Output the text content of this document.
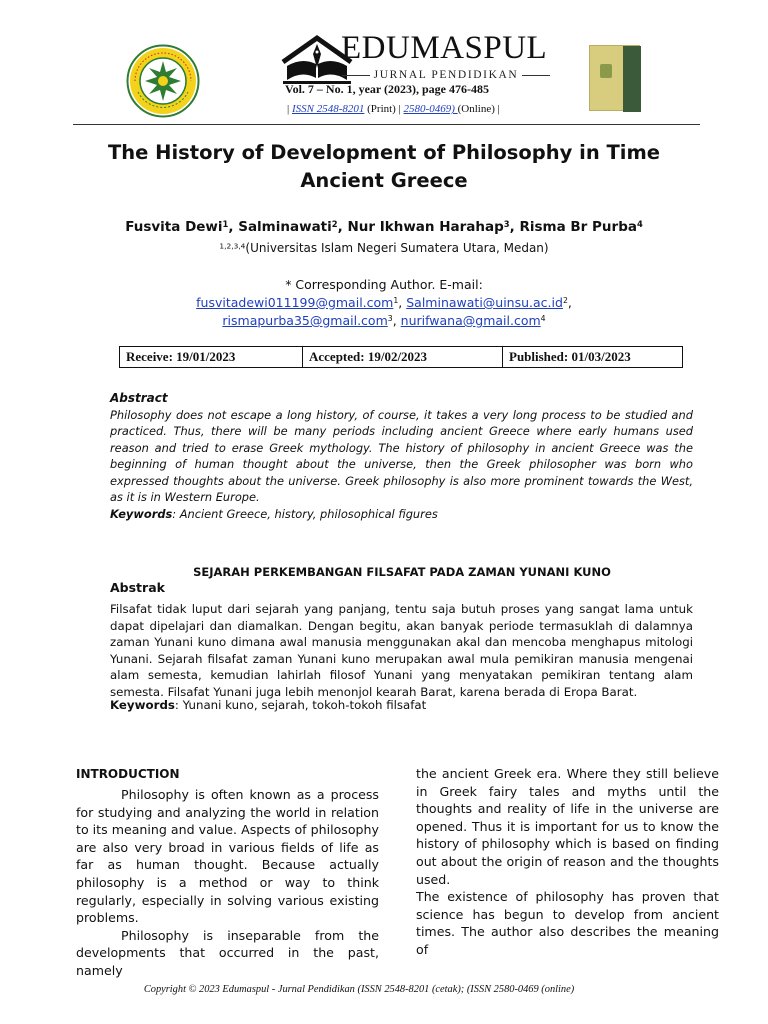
EDUMASPUL
JURNAL PENDIDIKAN
Vol. 7 – No. 1, year (2023), page 476-485
| ISSN 2548-8201 (Print) | 2580-0469) (Online) |
The History of Development of Philosophy in Time
Ancient Greece
Fusvita Dewi$^1$, Salminawati$^2$, Nur Ikhwan Harahap$^3$, Risma Br Purba$^4$
$^{1,2,3,4}$(Universitas Islam Negeri Sumatera Utara, Medan)
* Corresponding Author. E-mail:
fusvitadewi011199@gmail.com$^1$, $Salminawati@uinsu.ac.id^2$,
rismapurba35@gmail.com$^3$, nurifwana@gmail.com$^4$
Receive: 19/01/2023	Accepted: 19/02/2023	Published: 01/03/2023
Abstract
Philosophy does not escape a long history, of course, it takes a very long process to be studied and practiced. Thus, there will be many periods including ancient Greece where early humans used reason and tried to erase Greek mythology. The history of philosophy in ancient Greece was the beginning of human thought about the universe, then the Greek philosopher was born who expressed thoughts about the universe. Greek philosophy is also more prominent towards the West, as it is in Western Europe.
Keywords: Ancient Greece, history, philosophical figures
SEJARAH PERKEMBANGAN FILSAFAT PADA ZAMAN YUNANI KUNO
Abstrak
Filsafat tidak luput dari sejarah yang panjang, tentu saja butuh proses yang sangat lama untuk dapat dipelajari dan diamalkan. Dengan begitu, akan banyak periode termasuklah di dalamnya zaman Yunani kuno dimana awal manusia menggunakan akal dan mencoba menghapus mitologi Yunani. Sejarah filsafat zaman Yunani kuno merupakan awal mula pemikiran manusia mengenai alam semesta, kemudian lahirlah filosof Yunani yang menyatakan pemikiran tentang alam semesta. Filsafat Yunani juga lebih menonjol kearah Barat, karena berada di Eropa Barat.
Keywords: Yunani kuno, sejarah, tokoh-tokoh filsafat
INTRODUCTION

Philosophy is often known as a process for studying and analyzing the world in relation to its meaning and value. Aspects of philosophy are also very broad in various fields of life as far as human thought. Because actually philosophy is a method or way to think regularly, especially in solving various existing problems.

Philosophy is inseparable from the developments that occurred in the past, namely

the ancient Greek era. Where they still believe in Greek fairy tales and myths until the thoughts and reality of life in the universe are opened. Thus it is important for us to know the history of philosophy which is based on finding out about the origin of reason and the thoughts used.

The existence of philosophy has proven that science has begun to develop from ancient times. The author also describes the meaning of

Copyright © 2023 Edumaspul - Jurnal Pendidikan (ISSN 2548-8201 (cetak); (ISSN 2580-0469 (online)
